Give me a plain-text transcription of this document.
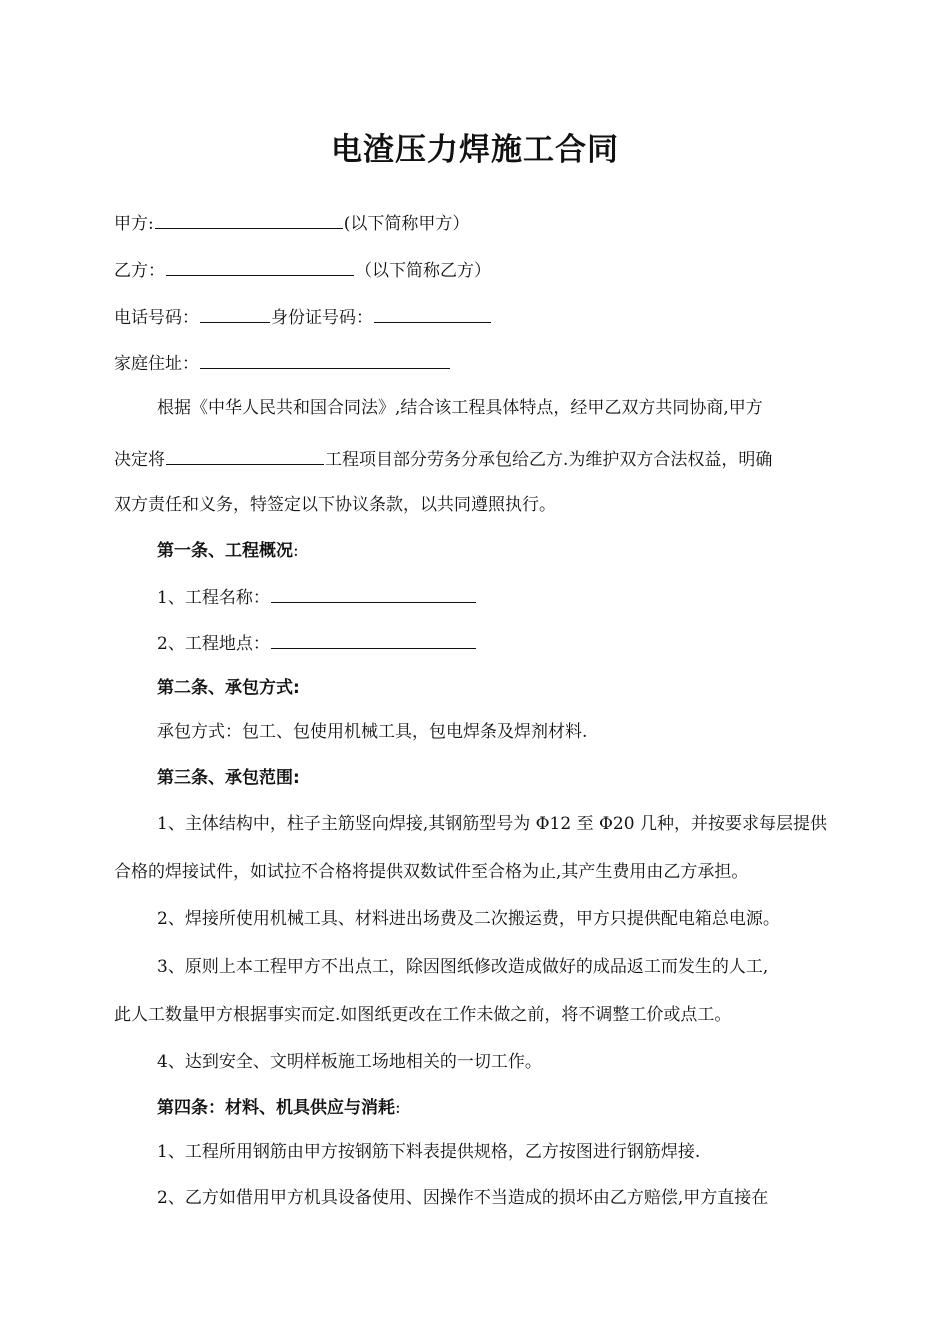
电渣压力焊施工合同
甲方:	(以下简称甲方）
乙方：	（以下简称乙方）
电话号码：	身份证号码：
家庭住址：
根据《中华人民共和国合同法》,结合该工程具体特点，经甲乙双方共同协商,甲方
决定将	工程项目部分劳务分承包给乙方.为维护双方合法权益，明确
双方责任和义务，特签定以下协议条款，以共同遵照执行。
第一条、工程概况:
1、工程名称：
2、工程地点：
第二条、承包方式:
承包方式：包工、包使用机械工具，包电焊条及焊剂材料.
第三条、承包范围:
1、主体结构中，柱子主筋竖向焊接,其钢筋型号为 Φ12 至 Φ20 几种，并按要求每层提供
合格的焊接试件，如试拉不合格将提供双数试件至合格为止,其产生费用由乙方承担。
2、焊接所使用机械工具、材料进出场费及二次搬运费，甲方只提供配电箱总电源。
3、原则上本工程甲方不出点工，除因图纸修改造成做好的成品返工而发生的人工,
此人工数量甲方根据事实而定.如图纸更改在工作未做之前，将不调整工价或点工。
4、达到安全、文明样板施工场地相关的一切工作。
第四条：材料、机具供应与消耗:
1、工程所用钢筋由甲方按钢筋下料表提供规格，乙方按图进行钢筋焊接.
2、乙方如借用甲方机具设备使用、因操作不当造成的损坏由乙方赔偿,甲方直接在
